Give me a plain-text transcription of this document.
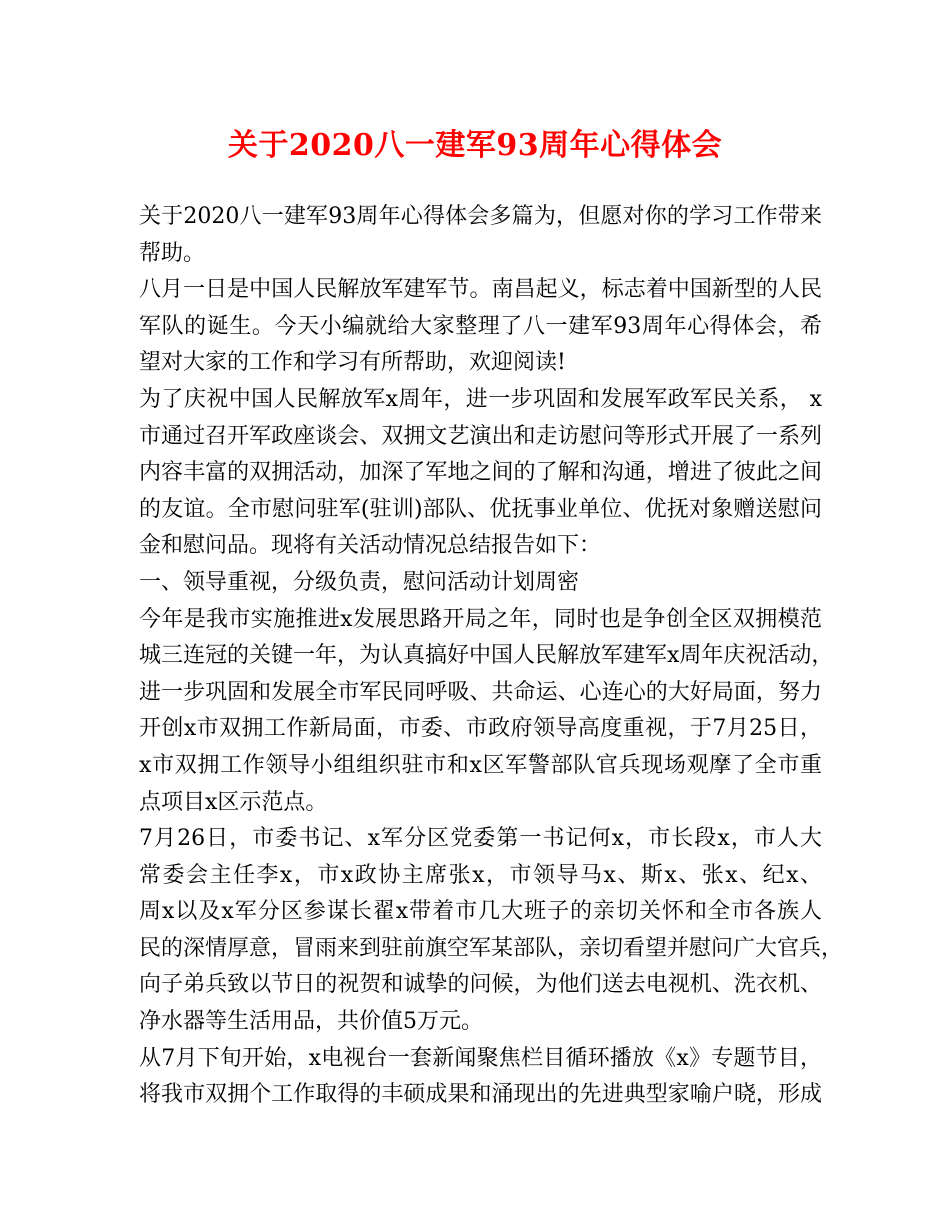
关于2020八一建军93周年心得体会
关于2020八一建军93周年心得体会多篇为，但愿对你的学习工作带来
帮助。
八月一日是中国人民解放军建军节。南昌起义，标志着中国新型的人民
军队的诞生。今天小编就给大家整理了八一建军93周年心得体会，希
望对大家的工作和学习有所帮助，欢迎阅读!
为了庆祝中国人民解放军x周年，进一步巩固和发展军政军民关系， x
市通过召开军政座谈会、双拥文艺演出和走访慰问等形式开展了一系列
内容丰富的双拥活动，加深了军地之间的了解和沟通，增进了彼此之间
的友谊。全市慰问驻军(驻训)部队、优抚事业单位、优抚对象赠送慰问
金和慰问品。现将有关活动情况总结报告如下：
一、领导重视，分级负责，慰问活动计划周密
今年是我市实施推进x发展思路开局之年，同时也是争创全区双拥模范
城三连冠的关键一年，为认真搞好中国人民解放军建军x周年庆祝活动，
进一步巩固和发展全市军民同呼吸、共命运、心连心的大好局面，努力
开创x市双拥工作新局面，市委、市政府领导高度重视，于7月25日，
x市双拥工作领导小组组织驻市和x区军警部队官兵现场观摩了全市重
点项目x区示范点。
7月26日，市委书记、x军分区党委第一书记何x，市长段x，市人大
常委会主任李x，市x政协主席张x，市领导马x、斯x、张x、纪x、
周x以及x军分区参谋长翟x带着市几大班子的亲切关怀和全市各族人
民的深情厚意，冒雨来到驻前旗空军某部队，亲切看望并慰问广大官兵，
向子弟兵致以节日的祝贺和诚挚的问候，为他们送去电视机、洗衣机、
净水器等生活用品，共价值5万元。
从7月下旬开始，x电视台一套新闻聚焦栏目循环播放《x》专题节目，
将我市双拥个工作取得的丰硕成果和涌现出的先进典型家喻户晓，形成
